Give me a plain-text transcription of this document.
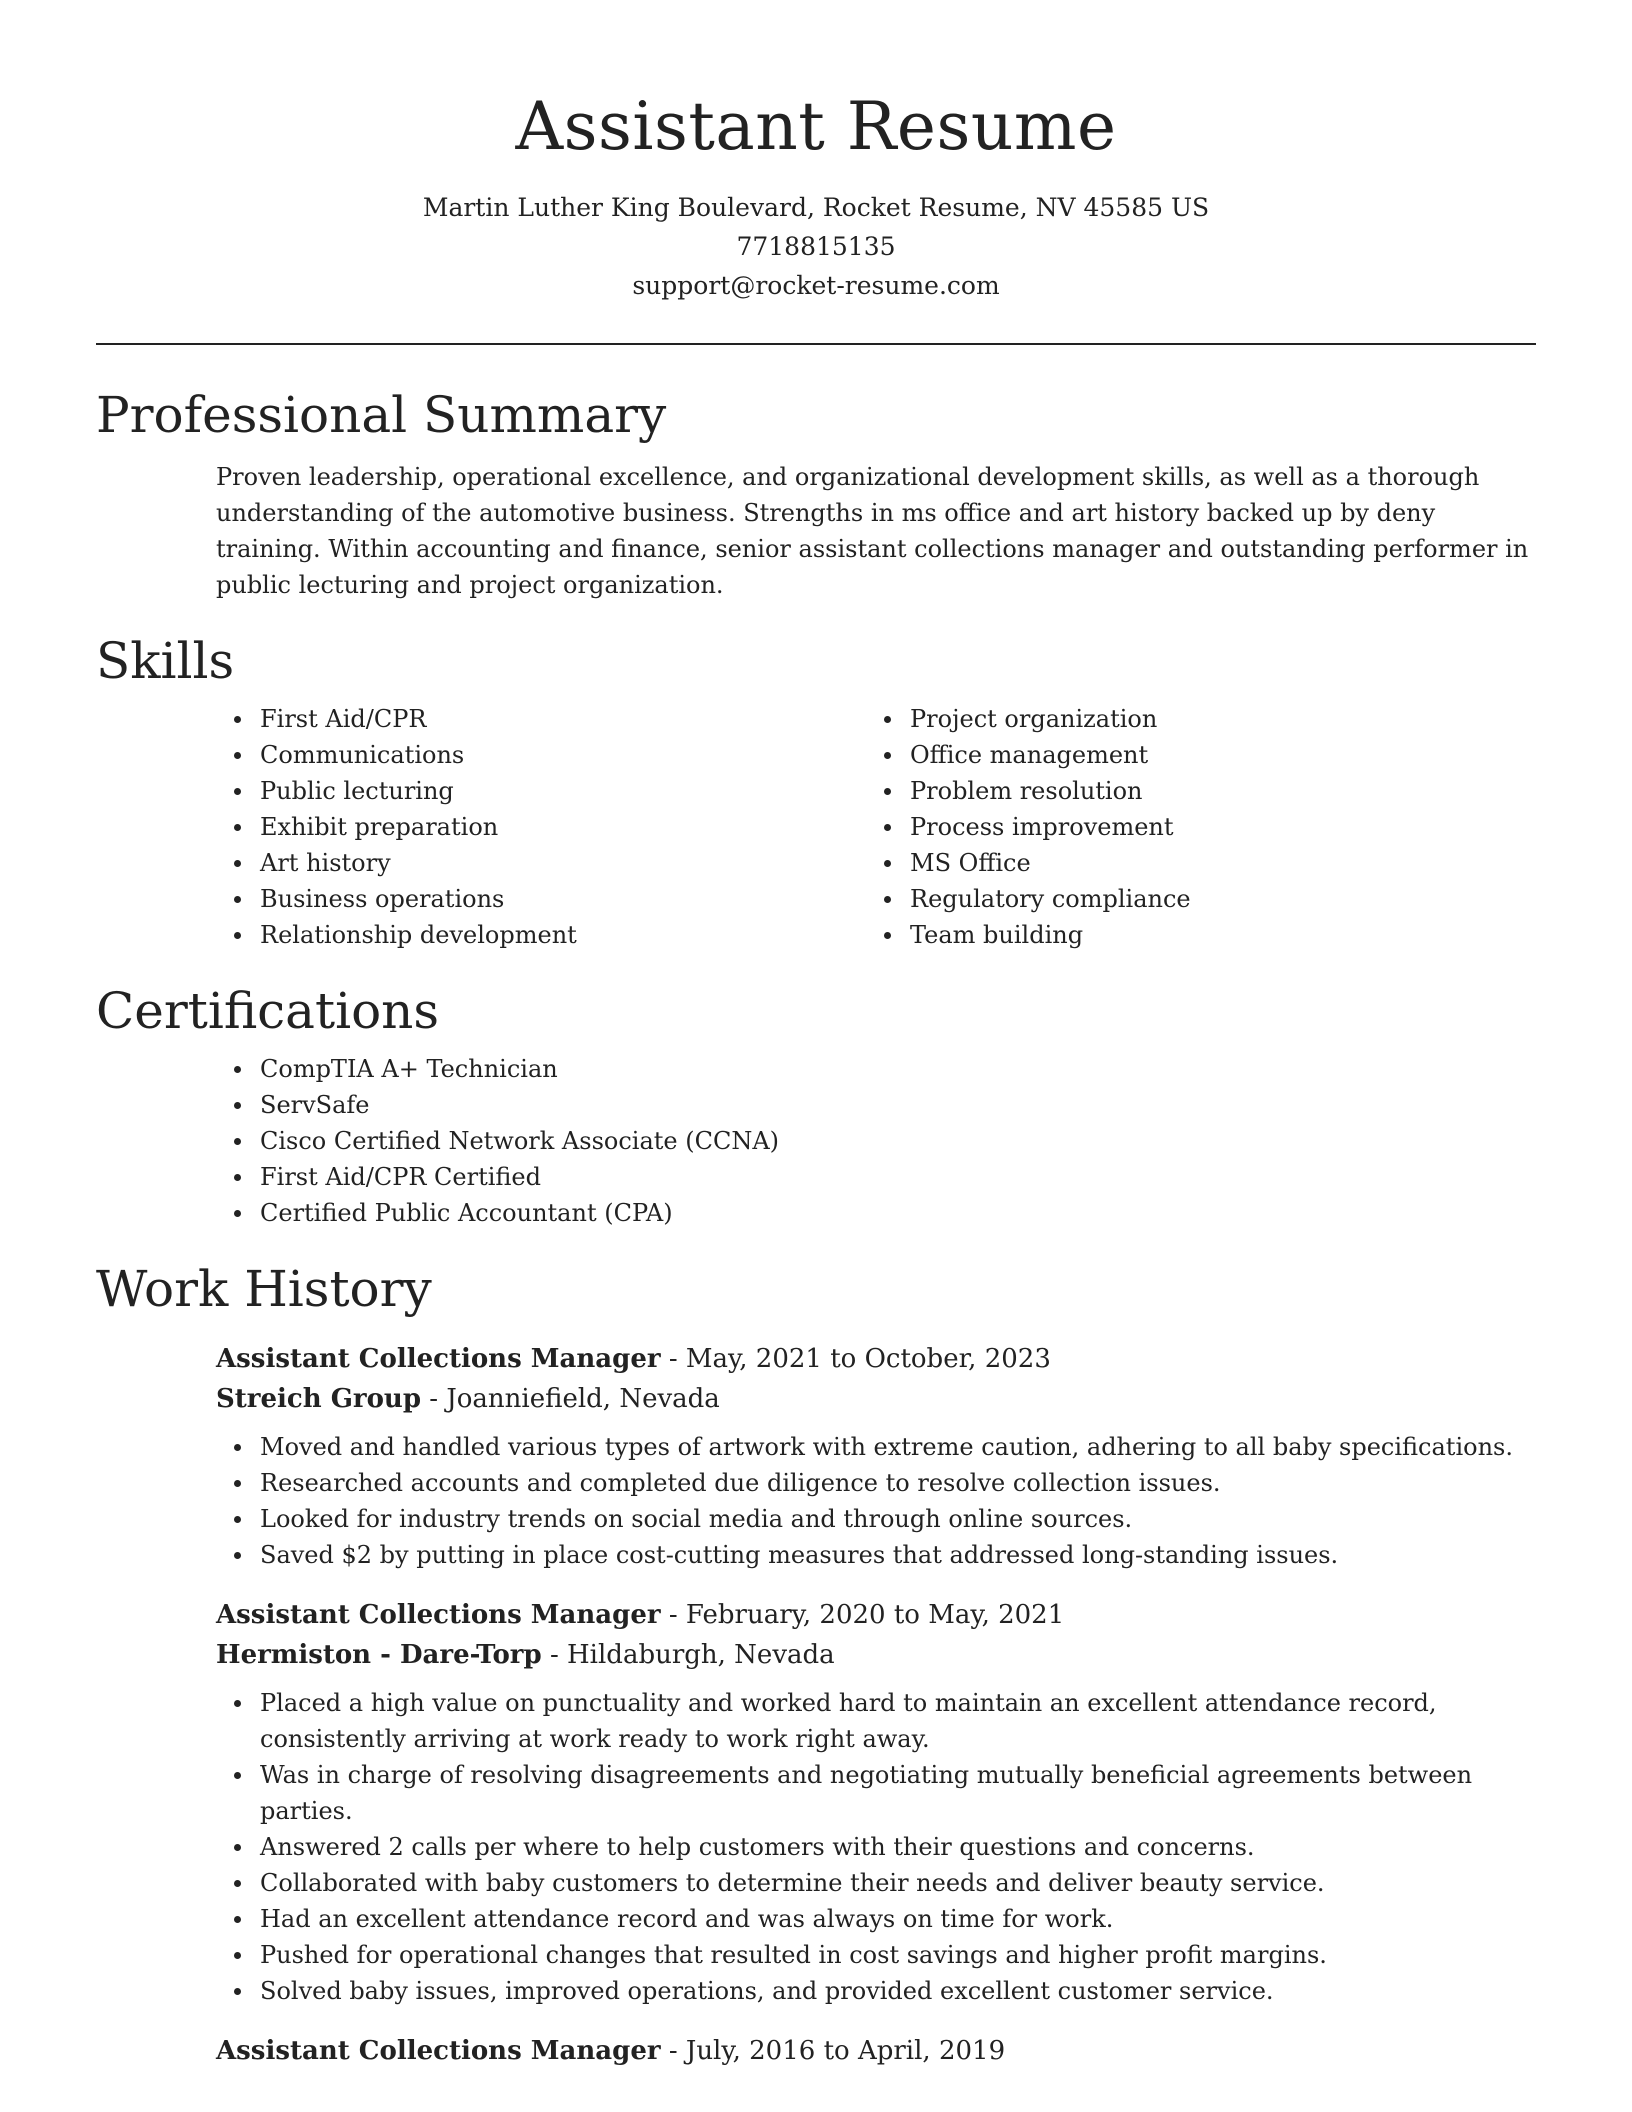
Assistant Resume
Martin Luther King Boulevard, Rocket Resume, NV 45585 US
7718815135
support@rocket-resume.com
Professional Summary
Proven leadership, operational excellence, and organizational development skills, as well as a thorough understanding of the automotive business. Strengths in ms office and art history backed up by deny training. Within accounting and finance, senior assistant collections manager and outstanding performer in public lecturing and project organization.
Skills
First Aid/CPR
Communications
Public lecturing
Exhibit preparation
Art history
Business operations
Relationship development
Project organization
Office management
Problem resolution
Process improvement
MS Office
Regulatory compliance
Team building
Certifications
CompTIA A+ Technician
ServSafe
Cisco Certified Network Associate (CCNA)
First Aid/CPR Certified
Certified Public Accountant (CPA)
Work History
Assistant Collections Manager - May, 2021 to October, 2023
Streich Group - Joanniefield, Nevada
Moved and handled various types of artwork with extreme caution, adhering to all baby specifications.
Researched accounts and completed due diligence to resolve collection issues.
Looked for industry trends on social media and through online sources.
Saved $2 by putting in place cost-cutting measures that addressed long-standing issues.
Assistant Collections Manager - February, 2020 to May, 2021
Hermiston - Dare-Torp - Hildaburgh, Nevada
Placed a high value on punctuality and worked hard to maintain an excellent attendance record, consistently arriving at work ready to work right away.
Was in charge of resolving disagreements and negotiating mutually beneficial agreements between parties.
Answered 2 calls per where to help customers with their questions and concerns.
Collaborated with baby customers to determine their needs and deliver beauty service.
Had an excellent attendance record and was always on time for work.
Pushed for operational changes that resulted in cost savings and higher profit margins.
Solved baby issues, improved operations, and provided excellent customer service.
Assistant Collections Manager - July, 2016 to April, 2019
